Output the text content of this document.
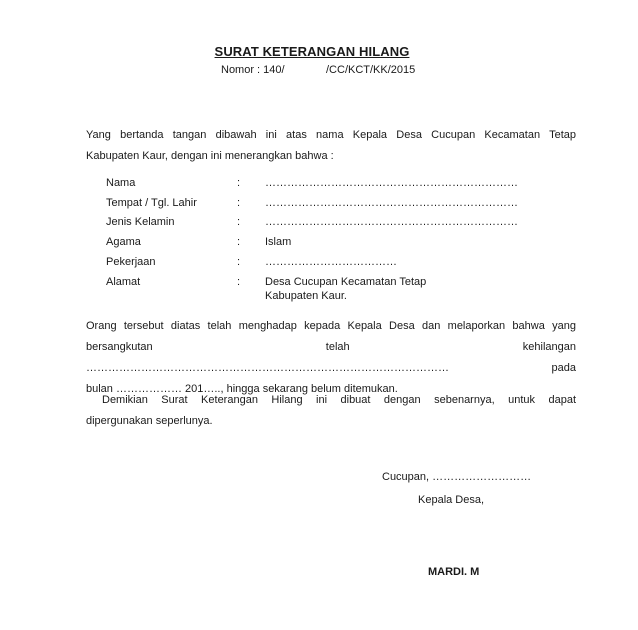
SURAT KETERANGAN HILANG
Nomor : 140/	/CC/KCT/KK/2015
Yang bertanda tangan dibawah ini atas nama Kepala Desa Cucupan Kecamatan Tetap
Kabupaten Kaur, dengan ini menerangkan bahwa :
Nama	: ……………………………………………………………
Tempat / Tgl. Lahir	: ……………………………………………………………
Jenis Kelamin	: ……………………………………………………………
Agama	: Islam
Pekerjaan	: ………………………………
Alamat	: Desa Cucupan Kecamatan Tetap
Kabupaten Kaur.
Orang tersebut diatas telah menghadap kepada Kepala Desa dan melaporkan bahwa yang
bersangkutan telah kehilangan ……………………………………………………………………………………… pada
bulan ……………… 201….., hingga sekarang belum ditemukan.
Demikian Surat Keterangan Hilang ini dibuat dengan sebenarnya, untuk dapat
dipergunakan seperlunya.
Cucupan, ………………………
Kepala Desa,
MARDI. M
